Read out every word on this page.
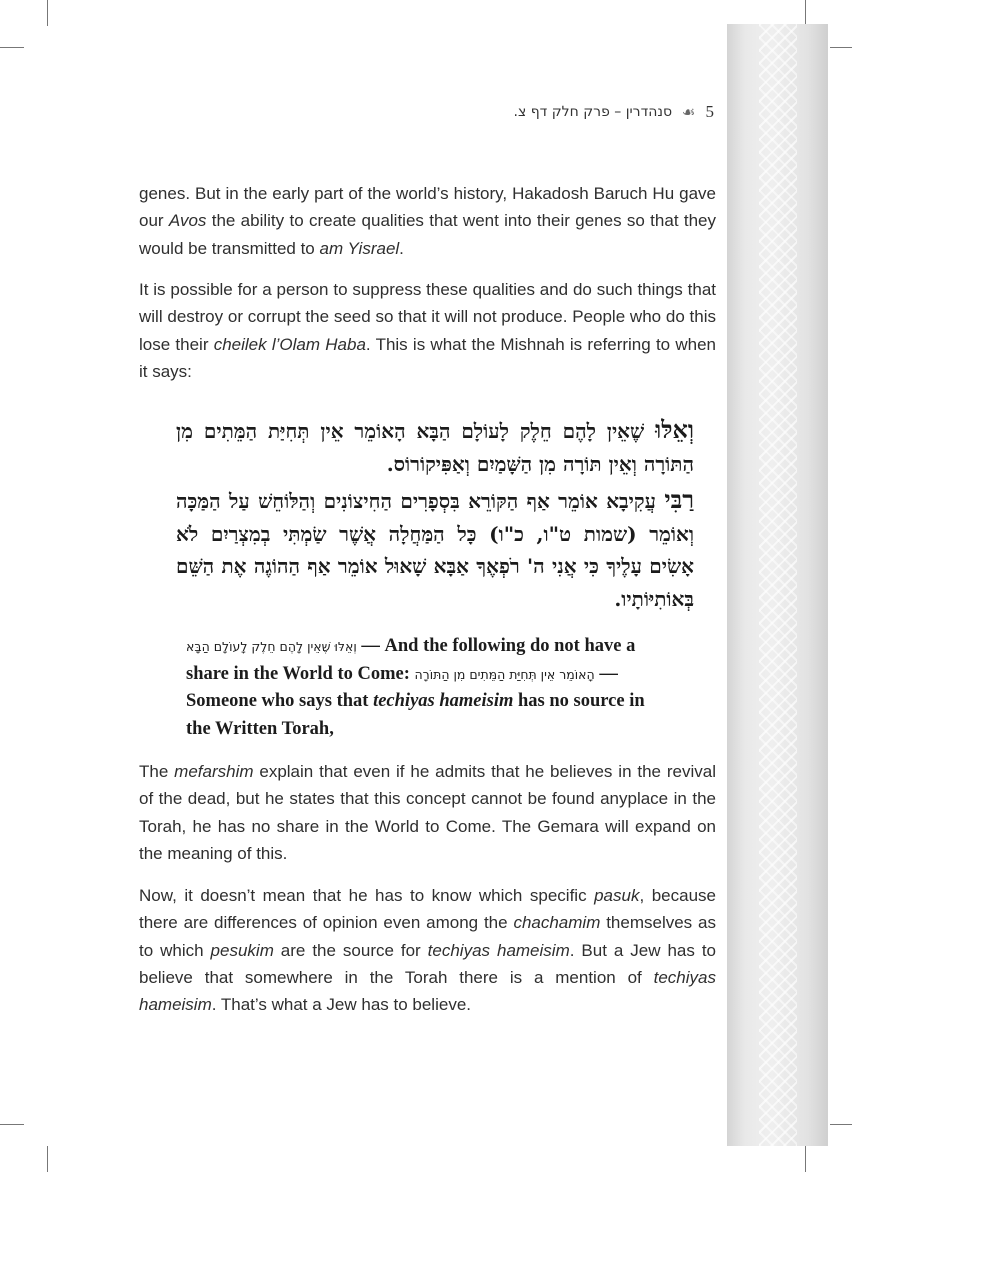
סנהדרין – פרק חלק דף צ. ☙ 5

genes. But in the early part of the world’s history, Hakadosh Baruch Hu gave our Avos the ability to create qualities that went into their genes so that they would be transmitted to am Yisrael.

It is possible for a person to suppress these qualities and do such things that will destroy or corrupt the seed so that it will not produce. People who do this lose their cheilek l’Olam Haba. This is what the Mishnah is referring to when it says:

וְאֵלּוּ שֶׁאֵין לָהֶם חֵלֶק לָעוֹלָם הַבָּא הָאוֹמֵר אֵין תְּחִיַּת הַמֵּתִים מִן הַתּוֹרָה וְאֵין תּוֹרָה מִן הַשָּׁמַיִם וְאַפִּיקוֹרוֹס.

רַבִּי עֲקִיבָא אוֹמֵר אַף הַקּוֹרֵא בִּסְפָרִים הַחִיצוֹנִים וְהַלּוֹחֵשׁ עַל הַמַּכָּה וְאוֹמֵר (שמות ט"ו, כ"ו) כָּל הַמַּחֲלָה אֲשֶׁר שַׂמְתִּי בְמִצְרַיִם לֹא אָשִׂים עָלֶיךָ כִּי אֲנִי ה' רֹפְאֶךָ אַבָּא שָׁאוּל אוֹמֵר אַף הַהוֹגֶה אֶת הַשֵּׁם בְּאוֹתִיּוֹתָיו.

וְאֵלּוּ שֶׁאֵין לָהֶם חֵלֶק לָעוֹלָם הַבָּא — And the following do not have a share in the World to Come: הָאוֹמֵר אֵין תְּחִיַּת הַמֵּתִים מִן הַתּוֹרָה — Someone who says that techiyas hameisim has no source in the Written Torah,

The mefarshim explain that even if he admits that he believes in the revival of the dead, but he states that this concept cannot be found anyplace in the Torah, he has no share in the World to Come. The Gemara will expand on the meaning of this.

Now, it doesn’t mean that he has to know which specific pasuk, because there are differences of opinion even among the chachamim themselves as to which pesukim are the source for techiyas hameisim. But a Jew has to believe that somewhere in the Torah there is a mention of techiyas hameisim. That’s what a Jew has to believe.
